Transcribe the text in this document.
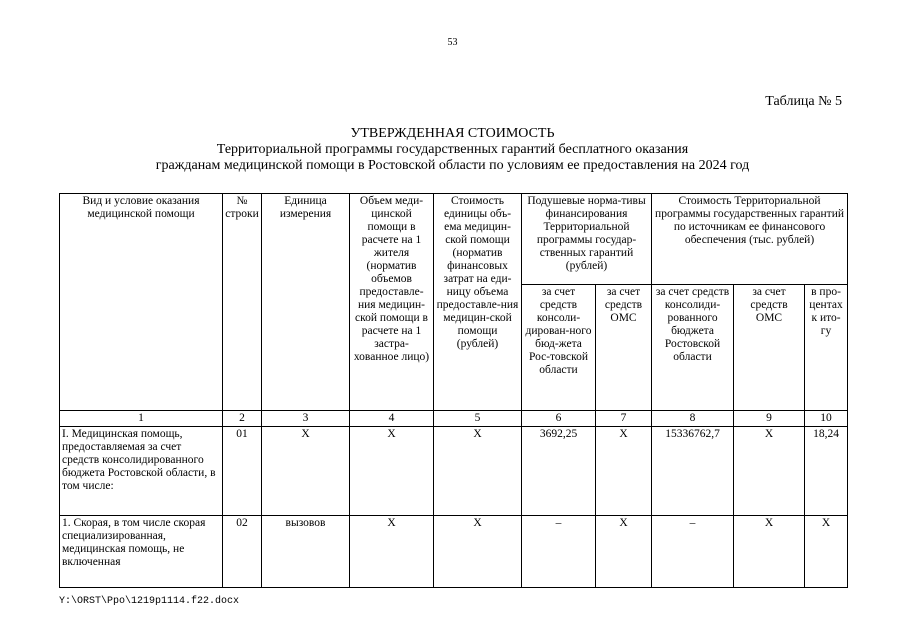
53
Таблица № 5
УТВЕРЖДЕННАЯ СТОИМОСТЬ
Территориальной программы государственных гарантий бесплатного оказания
гражданам медицинской помощи в Ростовской области по условиям ее предоставления на 2024 год
Вид и условие оказания медицинской помощи	№ строки	Единица измерения	Объем меди-цинской помощи в расчете на 1 жителя (норматив объемов предоставле-ния медицин-ской помощи в расчете на 1 застра-хованное лицо)	Стоимость единицы объ-ема медицин-ской помощи (норматив финансовых затрат на еди-ницу объема предоставле-ния медицин-ской помощи (рублей)	Подушевые норма-тивы финансирования Территориальной программы государ-ственных гарантий (рублей)		Стоимость Территориальной программы государственных гарантий по источникам ее финансового обеспечения (тыс. рублей)		
					за счет средств консоли-дирован-ного бюд-жета Рос-товской области	за счет средств ОМС	за счет средств консолиди-рованного бюджета Ростовской области	за счет средств ОМС	в про-центах к ито-гу
1	2	3	4	5	6	7	8	9	10
I. Медицинская помощь, предоставляемая за счет средств консолидированного бюджета Ростовской области, в том числе:	01	Х	Х	Х	3692,25	Х	15336762,7	Х	18,24
1. Скорая, в том числе скорая специализированная, медицинская помощь, не включенная	02	вызовов	Х	Х	–	Х	–	Х	Х
Y:\ORST\Ppo\1219p1114.f22.docx
